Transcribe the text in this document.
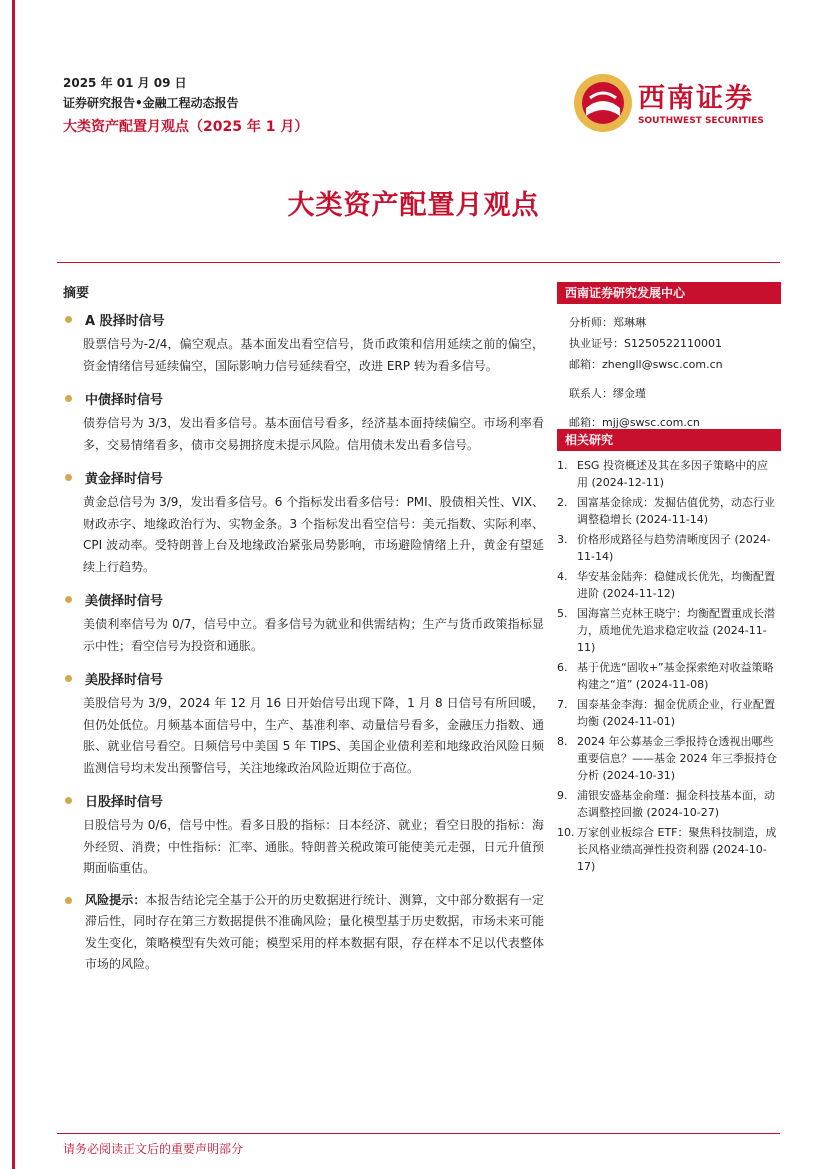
2025 年 01 月 09 日
证券研究报告•金融工程动态报告
大类资产配置月观点（2025 年 1 月）
西南证券
SOUTHWEST SECURITIES
大类资产配置月观点
摘要
A 股择时信号
股票信号为-2/4，偏空观点。基本面发出看空信号，货币政策和信用延续之前的偏空，资金情绪信号延续偏空，国际影响力信号延续看空，改进 ERP 转为看多信号。
中债择时信号
债券信号为 3/3，发出看多信号。基本面信号看多，经济基本面持续偏空。市场利率看多，交易情绪看多，债市交易拥挤度未提示风险。信用债未发出看多信号。
黄金择时信号
黄金总信号为 3/9，发出看多信号。6 个指标发出看多信号：PMI、股债相关性、VIX、财政赤字、地缘政治行为、实物金条。3 个指标发出看空信号：美元指数、实际利率、CPI 波动率。受特朗普上台及地缘政治紧张局势影响，市场避险情绪上升，黄金有望延续上行趋势。
美债择时信号
美债利率信号为 0/7，信号中立。看多信号为就业和供需结构；生产与货币政策指标显示中性；看空信号为投资和通胀。
美股择时信号
美股信号为 3/9，2024 年 12 月 16 日开始信号出现下降，1 月 8 日信号有所回暖，但仍处低位。月频基本面信号中，生产、基准利率、动量信号看多，金融压力指数、通胀、就业信号看空。日频信号中美国 5 年 TIPS、美国企业债利差和地缘政治风险日频监测信号均未发出预警信号，关注地缘政治风险近期位于高位。
日股择时信号
日股信号为 0/6，信号中性。看多日股的指标：日本经济、就业；看空日股的指标：海外经贸、消费；中性指标：汇率、通胀。特朗普关税政策可能使美元走强，日元升值预期面临重估。
风险提示：本报告结论完全基于公开的历史数据进行统计、测算，文中部分数据有一定滞后性，同时存在第三方数据提供不准确风险；量化模型基于历史数据，市场未来可能发生变化，策略模型有失效可能；模型采用的样本数据有限，存在样本不足以代表整体市场的风险。
西南证券研究发展中心
分析师：郑琳琳
执业证号：S1250522110001
邮箱：zhengll@swsc.com.cn
联系人：缪金瑾
邮箱：mjj@swsc.com.cn
相关研究
1. ESG 投资概述及其在多因子策略中的应用 (2024-12-11)
2. 国富基金徐成：发掘估值优势，动态行业调整稳增长 (2024-11-14)
3. 价格形成路径与趋势清晰度因子 (2024-11-14)
4. 华安基金陆奔：稳健成长优先，均衡配置进阶 (2024-11-12)
5. 国海富兰克林王晓宁：均衡配置重成长潜力，质地优先追求稳定收益 (2024-11-11)
6. 基于优选“固收+”基金探索绝对收益策略构建之“道” (2024-11-08)
7. 国泰基金李海：掘金优质企业，行业配置均衡 (2024-11-01)
8. 2024 年公募基金三季报持仓透视出哪些重要信息？——基金 2024 年三季报持仓分析 (2024-10-31)
9. 浦银安盛基金俞瑾：掘金科技基本面，动态调整控回撤 (2024-10-27)
10. 万家创业板综合 ETF：聚焦科技制造，成长风格业绩高弹性投资利器 (2024-10-17)
请务必阅读正文后的重要声明部分
